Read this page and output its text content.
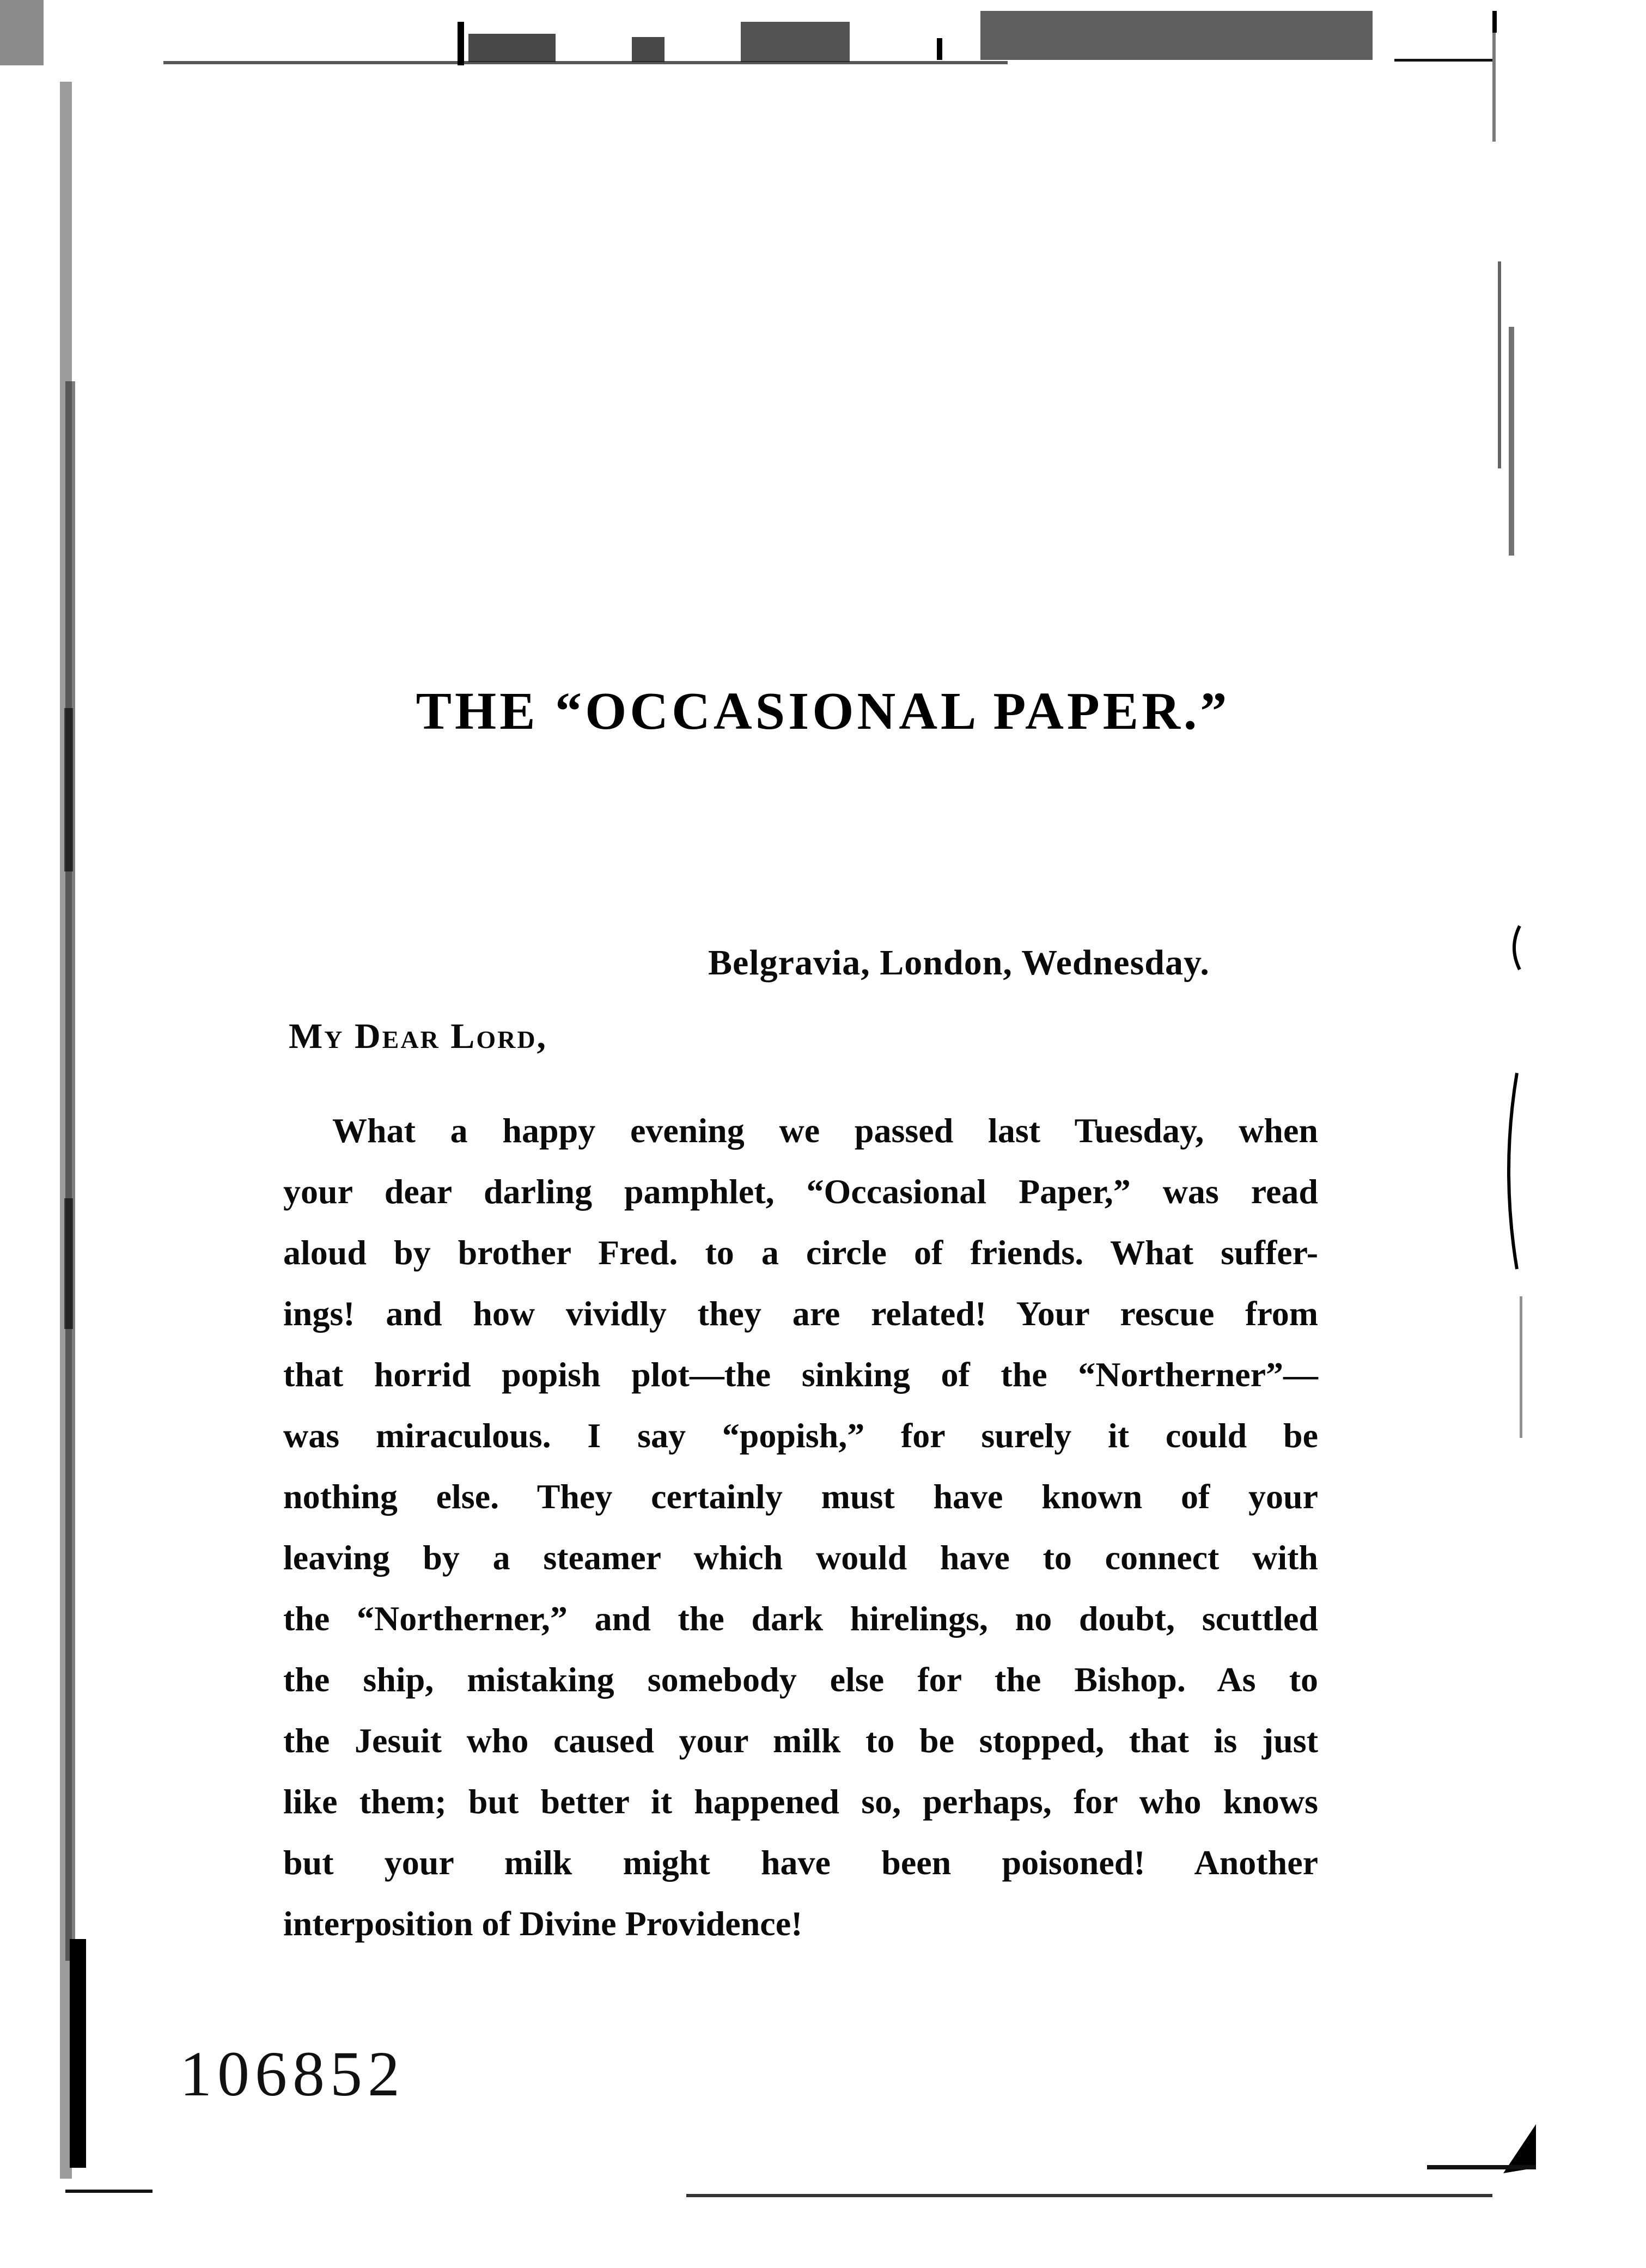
THE “OCCASIONAL PAPER.”
Belgravia, London, Wednesday.
My Dear Lord,
What a happy evening we passed last Tuesday, when
your dear darling pamphlet, “Occasional Paper,” was read
aloud by brother Fred. to a circle of friends. What suffer-
ings! and how vividly they are related! Your rescue from
that horrid popish plot—the sinking of the “Northerner”—
was miraculous. I say “popish,” for surely it could be
nothing else. They certainly must have known of your
leaving by a steamer which would have to connect with
the “Northerner,” and the dark hirelings, no doubt, scuttled
the ship, mistaking somebody else for the Bishop. As to
the Jesuit who caused your milk to be stopped, that is just
like them; but better it happened so, perhaps, for who knows
but your milk might have been poisoned! Another
interposition of Divine Providence!
106852
